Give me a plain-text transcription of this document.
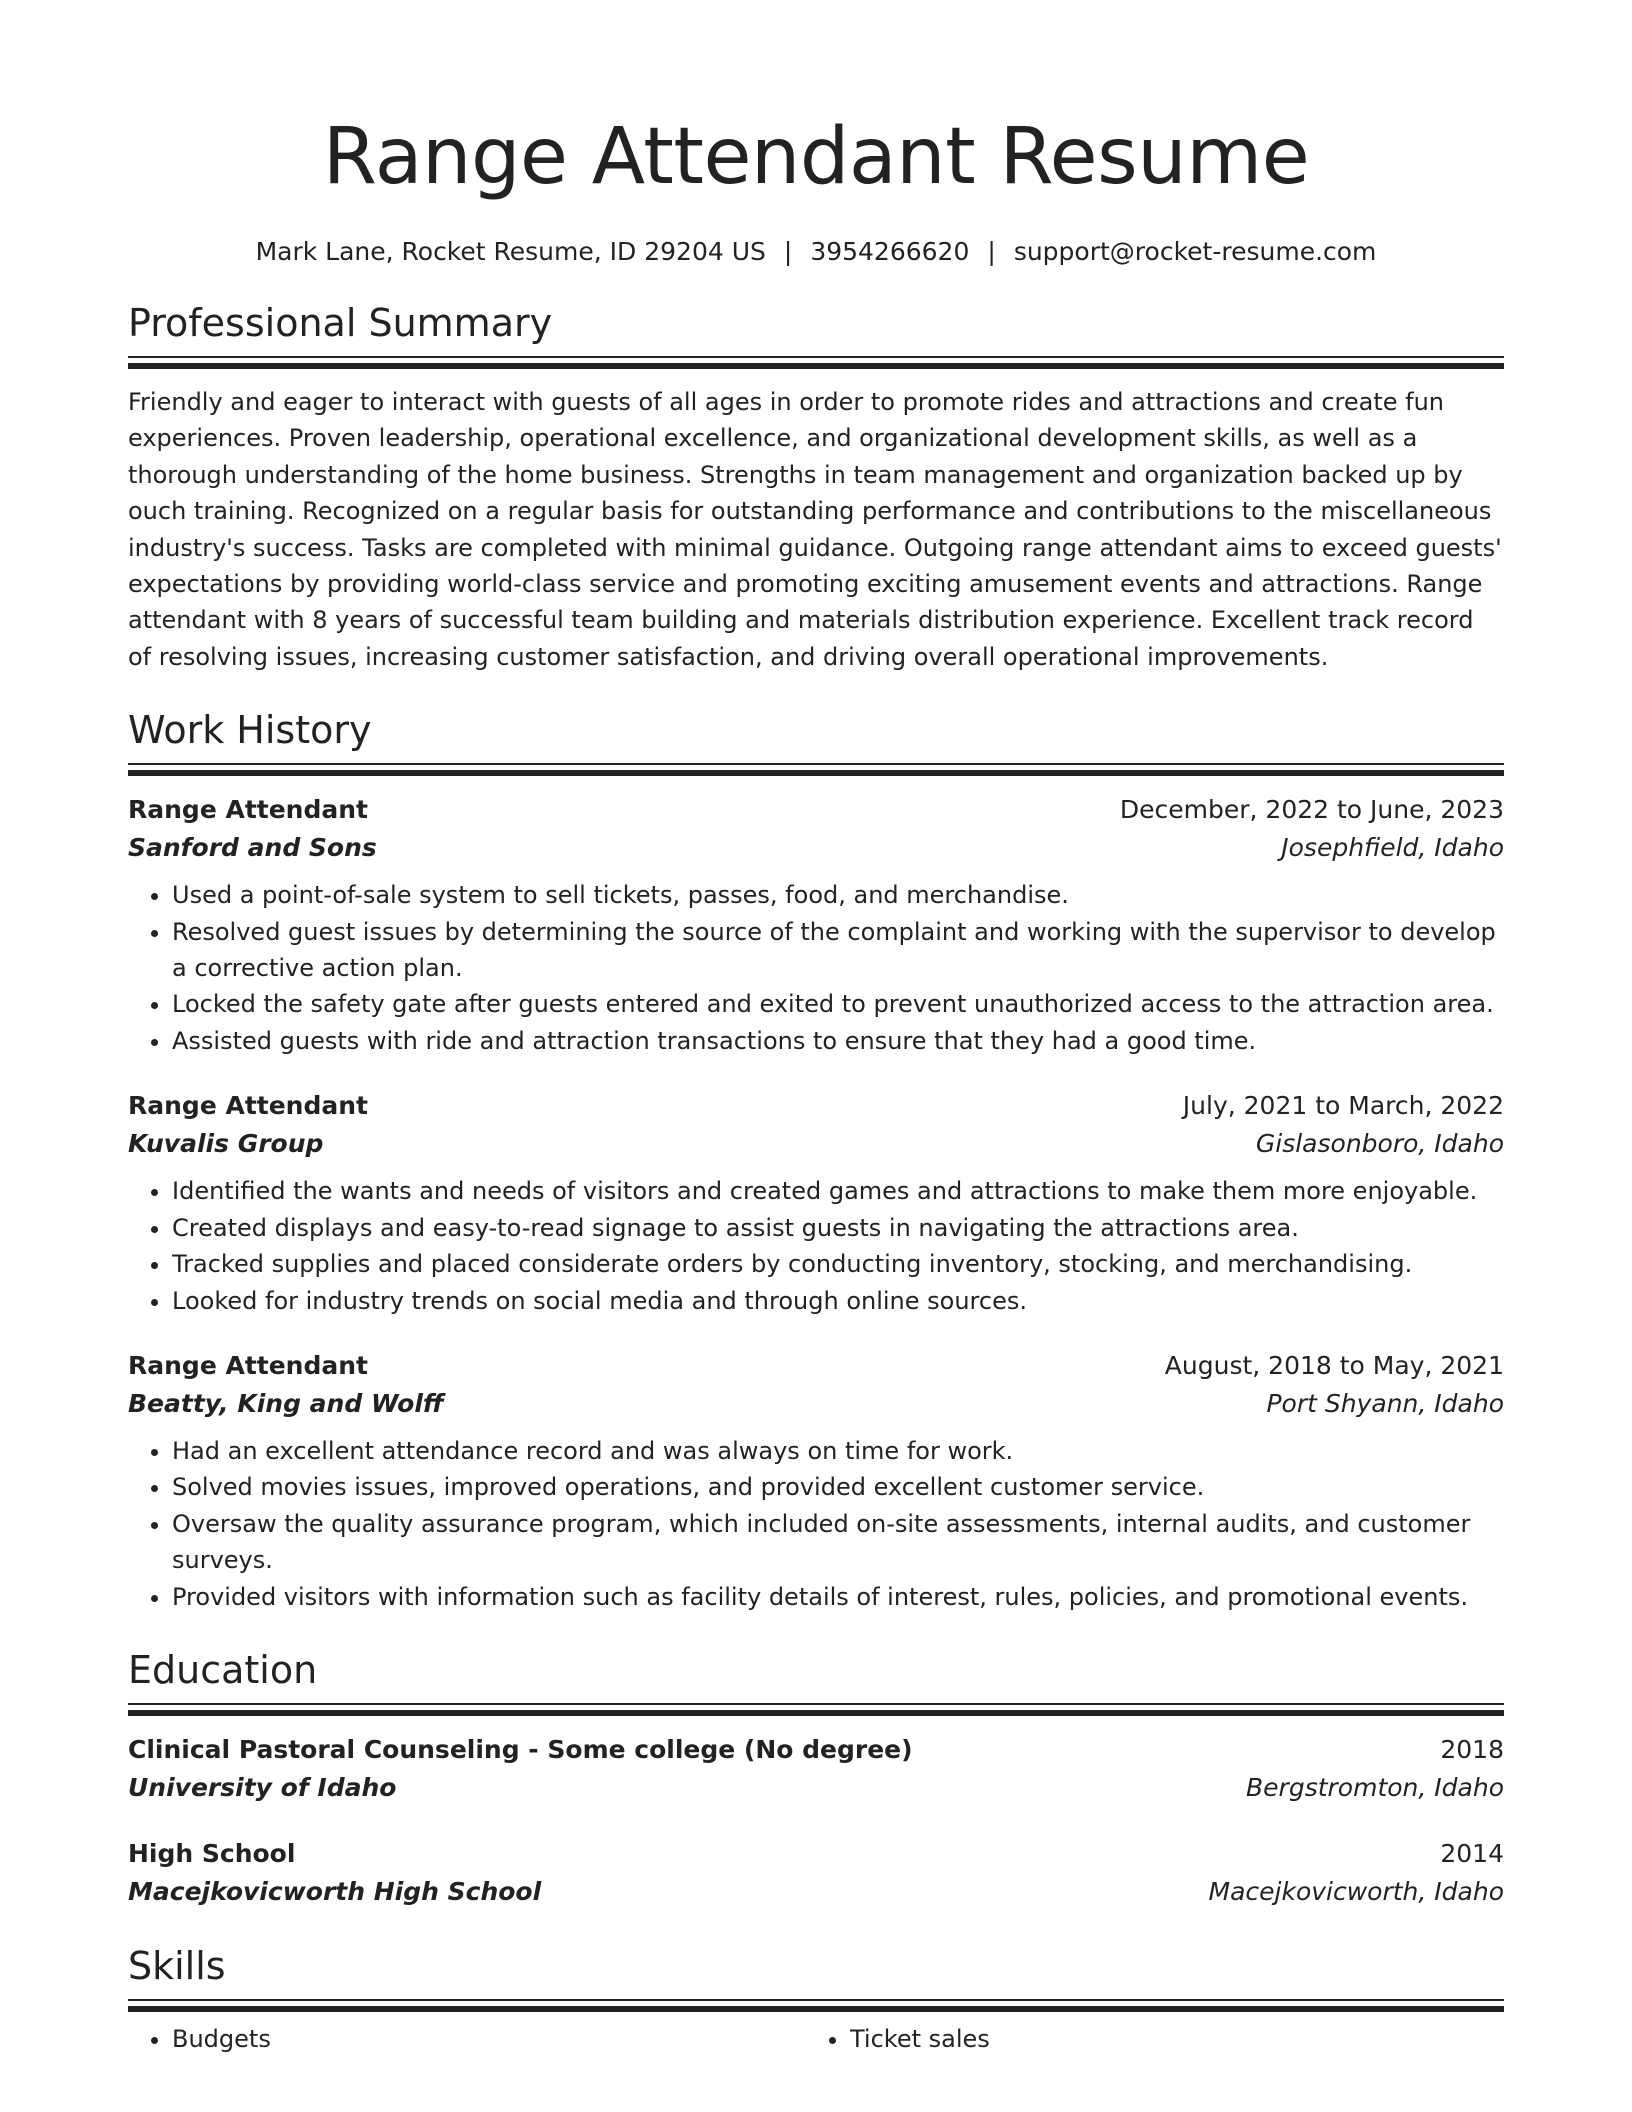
Range Attendant Resume
Mark Lane, Rocket Resume, ID 29204 US | 3954266620 | support@rocket-resume.com
Professional Summary
Friendly and eager to interact with guests of all ages in order to promote rides and attractions and create fun experiences. Proven leadership, operational excellence, and organizational development skills, as well as a thorough understanding of the home business. Strengths in team management and organization backed up by ouch training. Recognized on a regular basis for outstanding performance and contributions to the miscellaneous industry's success. Tasks are completed with minimal guidance. Outgoing range attendant aims to exceed guests' expectations by providing world-class service and promoting exciting amusement events and attractions. Range attendant with 8 years of successful team building and materials distribution experience. Excellent track record of resolving issues, increasing customer satisfaction, and driving overall operational improvements.
Work History
Range Attendant	December, 2022 to June, 2023
Sanford and Sons	Josephfield, Idaho
• Used a point-of-sale system to sell tickets, passes, food, and merchandise.
• Resolved guest issues by determining the source of the complaint and working with the supervisor to develop a corrective action plan.
• Locked the safety gate after guests entered and exited to prevent unauthorized access to the attraction area.
• Assisted guests with ride and attraction transactions to ensure that they had a good time.
Range Attendant	July, 2021 to March, 2022
Kuvalis Group	Gislasonboro, Idaho
• Identified the wants and needs of visitors and created games and attractions to make them more enjoyable.
• Created displays and easy-to-read signage to assist guests in navigating the attractions area.
• Tracked supplies and placed considerate orders by conducting inventory, stocking, and merchandising.
• Looked for industry trends on social media and through online sources.
Range Attendant	August, 2018 to May, 2021
Beatty, King and Wolff	Port Shyann, Idaho
• Had an excellent attendance record and was always on time for work.
• Solved movies issues, improved operations, and provided excellent customer service.
• Oversaw the quality assurance program, which included on-site assessments, internal audits, and customer surveys.
• Provided visitors with information such as facility details of interest, rules, policies, and promotional events.
Education
Clinical Pastoral Counseling - Some college (No degree)	2018
University of Idaho	Bergstromton, Idaho
High School	2014
Macejkovicworth High School	Macejkovicworth, Idaho
Skills
• Budgets
•	Ticket sales
